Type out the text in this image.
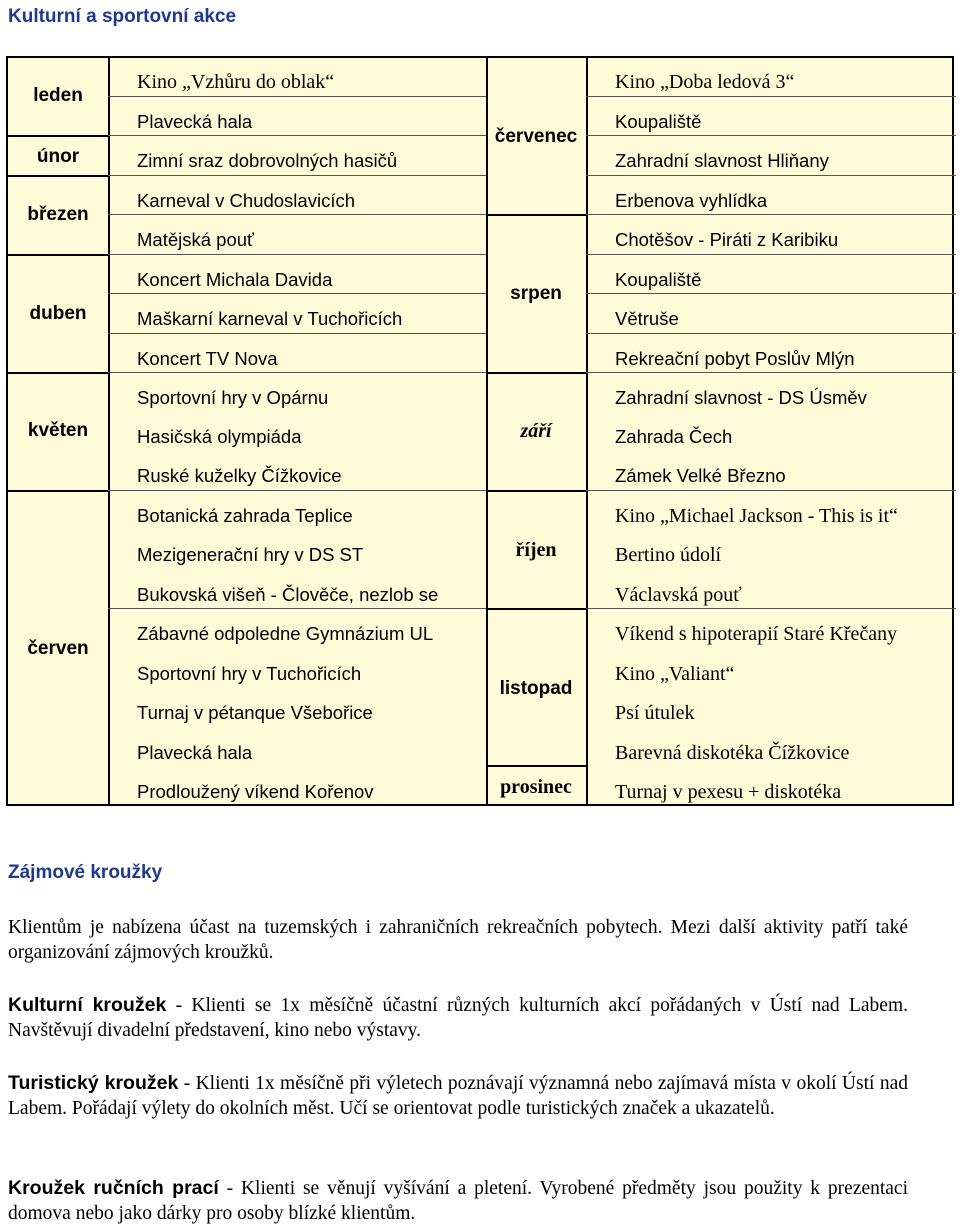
Kulturní a sportovní akce
leden
únor
březen
duben
květen
červen
červenec
srpen
září
říjen
listopad
prosinec
Kino „Vzhůru do oblak“
Plavecká hala
Zimní sraz dobrovolných hasičů
Karneval v Chudoslavicích
Matějská pouť
Koncert Michala Davida
Maškarní karneval v Tuchořicích
Koncert TV Nova
Sportovní hry v Opárnu
Hasičská olympiáda
Ruské kuželky Čížkovice
Botanická zahrada Teplice
Mezigenerační hry v DS ST
Bukovská višeň - Člověče, nezlob se
Zábavné odpoledne Gymnázium UL
Sportovní hry v Tuchořicích
Turnaj v pétanque Všebořice
Plavecká hala
Prodloužený víkend Kořenov
Kino „Doba ledová 3“
Koupaliště
Zahradní slavnost Hliňany
Erbenova vyhlídka
Chotěšov - Piráti z Karibiku
Koupaliště
Větruše
Rekreační pobyt Poslův Mlýn
Zahradní slavnost - DS Úsměv
Zahrada Čech
Zámek Velké Březno
Kino „Michael Jackson - This is it“
Bertino údolí
Václavská pouť
Víkend s hipoterapií Staré Křečany
Kino „Valiant“
Psí útulek
Barevná diskotéka Čížkovice
Turnaj v pexesu + diskotéka
Zájmové kroužky
Klientům je nabízena účast na tuzemských i zahraničních rekreačních pobytech. Mezi další aktivity patří také organizování zájmových kroužků.
Kulturní kroužek - Klienti se 1x měsíčně účastní různých kulturních akcí pořádaných v Ústí nad Labem. Navštěvují divadelní představení, kino nebo výstavy.
Turistický kroužek - Klienti 1x měsíčně při výletech poznávají významná nebo zajímavá místa v okolí Ústí nad Labem. Pořádají výlety do okolních měst. Učí se orientovat podle turistických značek a ukazatelů.
Kroužek ručních prací - Klienti se věnují vyšívání a pletení. Vyrobené předměty jsou použity k prezentaci domova nebo jako dárky pro osoby blízké klientům.
